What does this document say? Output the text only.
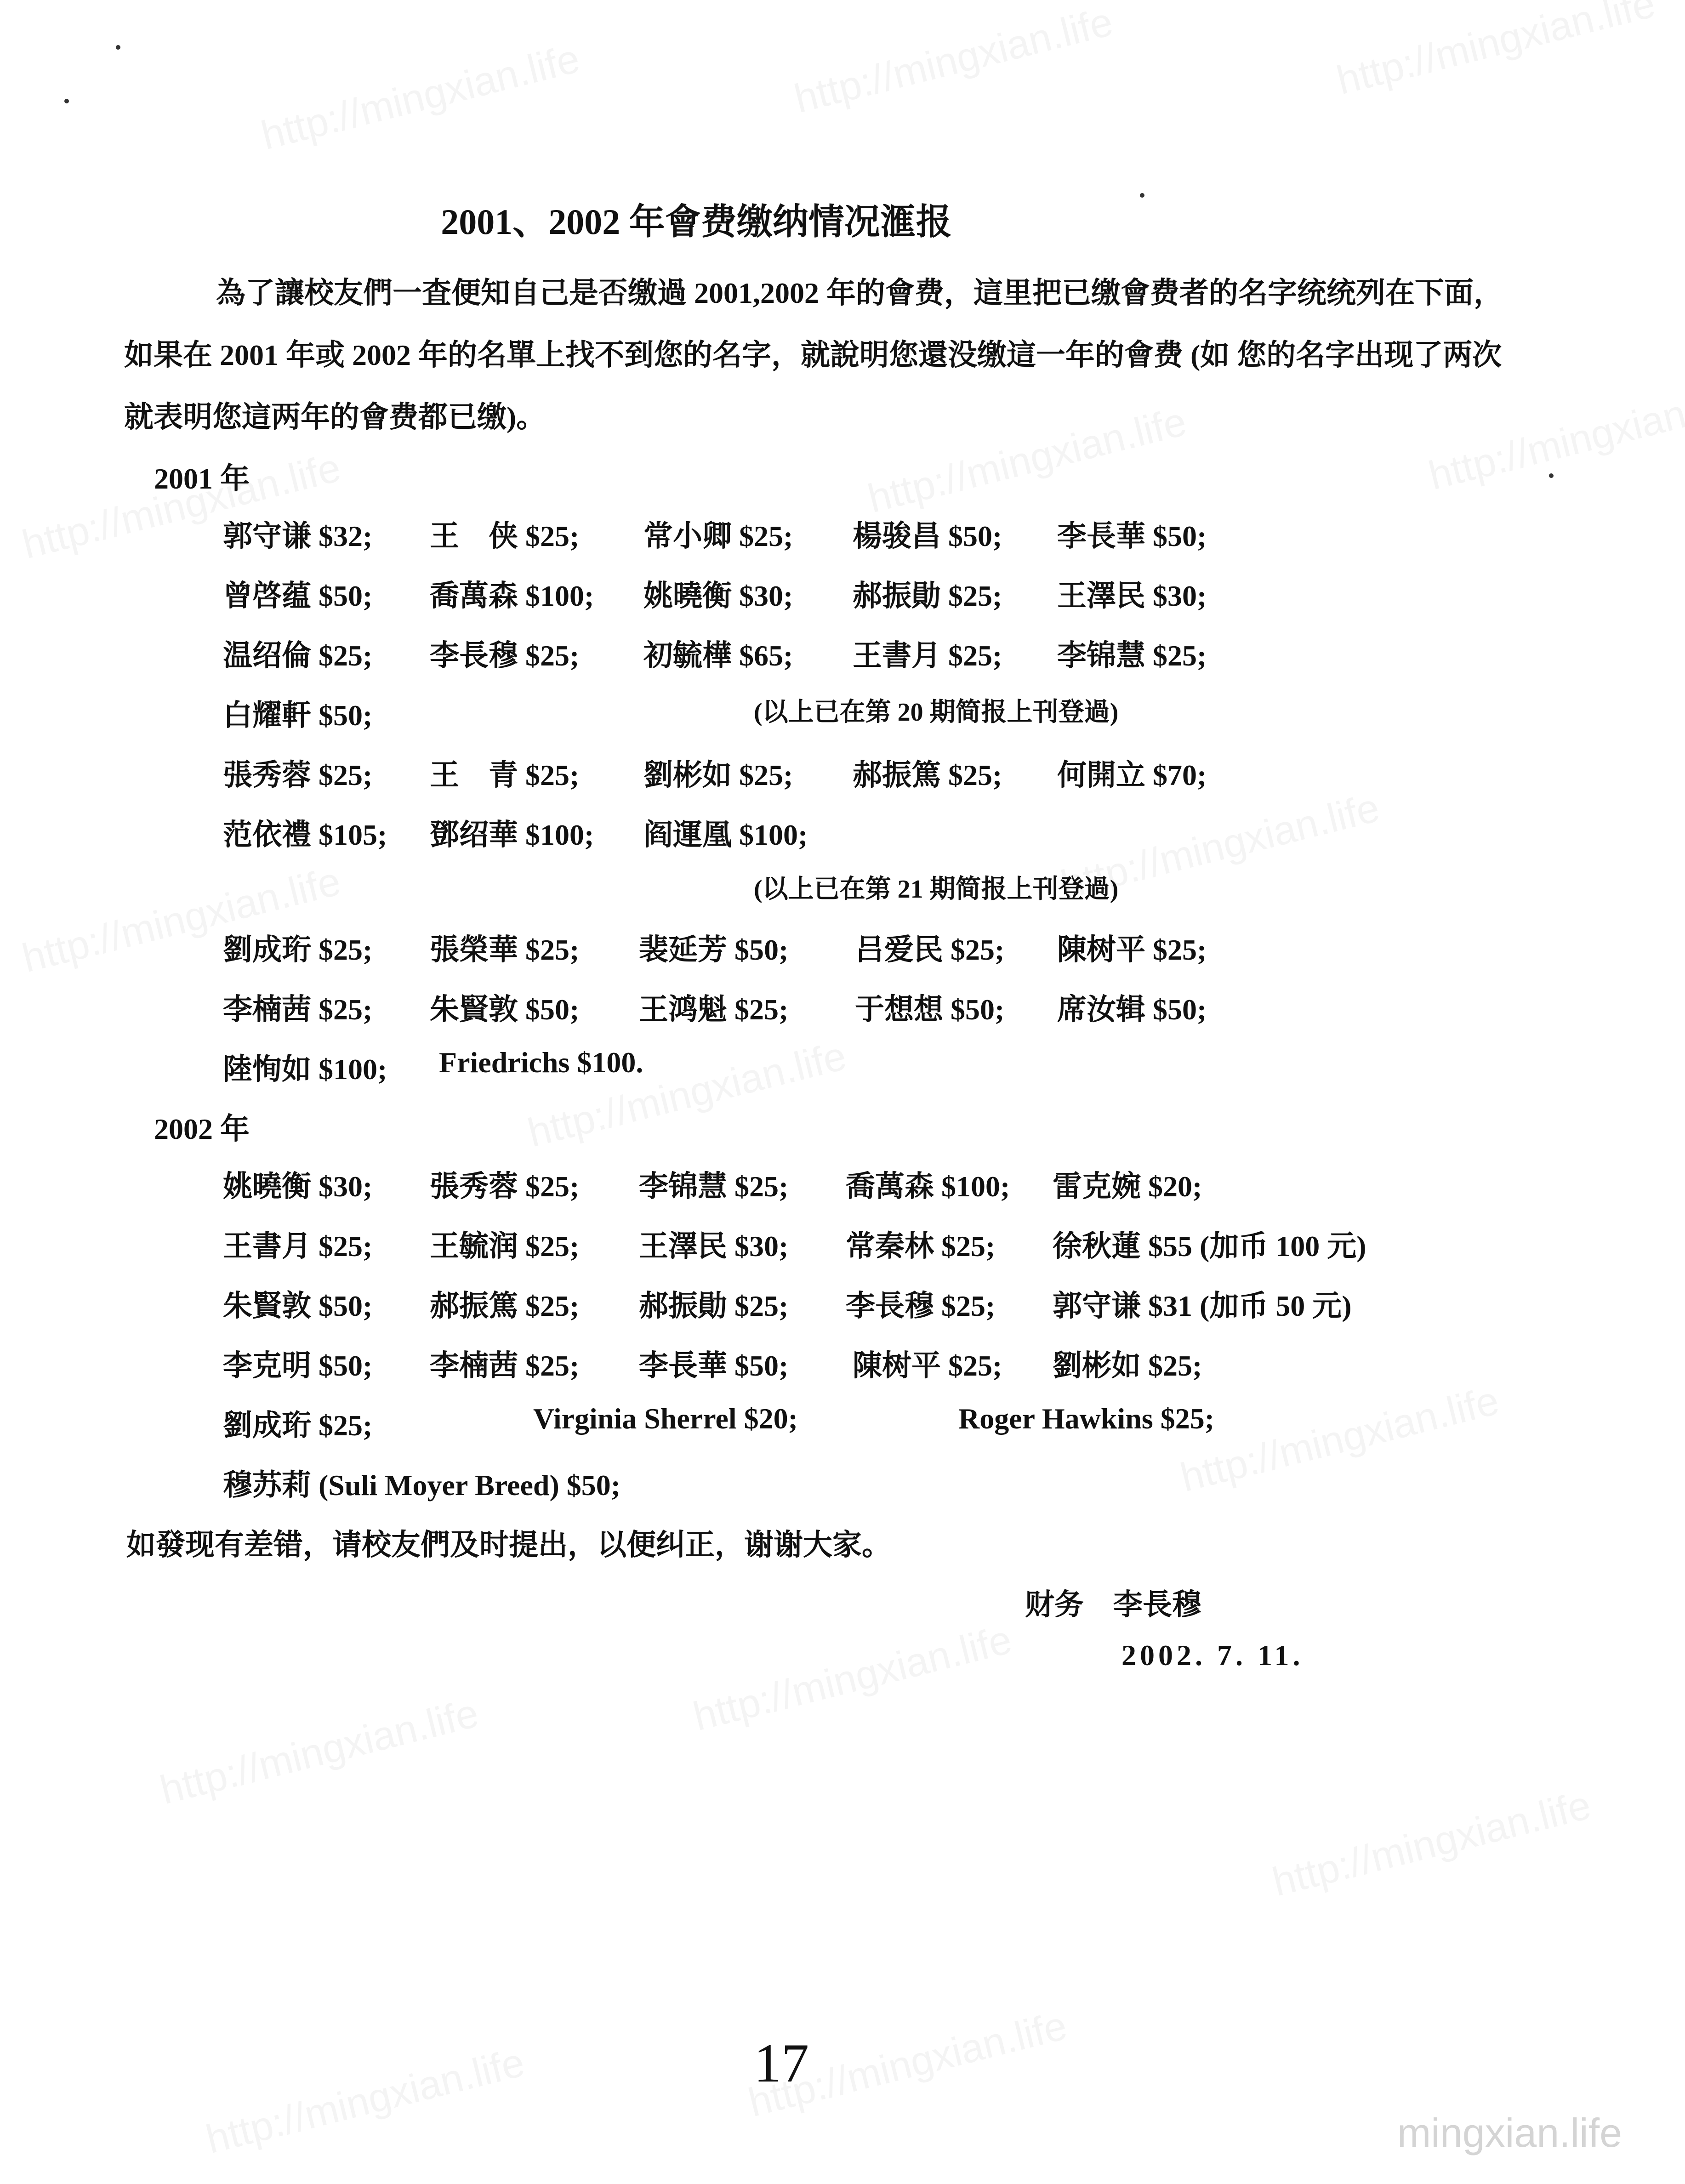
2001、2002 年會费缴纳情况滙报

為了讓校友們一査便知自己是否缴過 2001,2002 年的會费，這里把已缴會费者的名字统统列在下面，如果在 2001 年或 2002 年的名單上找不到您的名字，就說明您還没缴這一年的會费 (如 您的名字出现了两次就表明您這两年的會费都已缴)。

2001 年
郭守谦 $32; 王　侠 $25; 常小卿 $25; 楊骏昌 $50; 李長華 $50;
曾啓蕴 $50; 喬萬森 $100; 姚曉衡 $30; 郝振勛 $25; 王澤民 $30;
温绍倫 $25; 李長穆 $25; 初毓樺 $65; 王書月 $25; 李锦慧 $25;
白耀軒 $50;	(以上已在第 20 期简报上刊登過)
張秀蓉 $25; 王　青 $25; 劉彬如 $25; 郝振篤 $25; 何開立 $70;
范依禮 $105; 鄧绍華 $100; 阎運凰 $100;
(以上已在第 21 期简报上刊登過)
劉成珩 $25; 張榮華 $25; 裴延芳 $50; 吕爱民 $25; 陳树平 $25;
李楠茜 $25; 朱賢敦 $50; 王鸿魁 $25; 于想想 $50; 席汝辑 $50;
陸恂如 $100; Friedrichs $100.
2002 年
姚曉衡 $30; 張秀蓉 $25; 李锦慧 $25; 喬萬森 $100; 雷克婉 $20;
王書月 $25; 王毓润 $25; 王澤民 $30; 常秦林 $25; 徐秋蓮 $55 (加币 100 元)
朱賢敦 $50; 郝振篤 $25; 郝振勛 $25; 李長穆 $25; 郭守谦 $31 (加币 50 元)
李克明 $50; 李楠茜 $25; 李長華 $50; 陳树平 $25; 劉彬如 $25;
劉成珩 $25;	Virginia Sherrel $20;	Roger Hawkins $25;
穆苏莉 (Suli Moyer Breed) $50;
如發现有差错，请校友們及时提出，以便纠正，谢谢大家。
财务　李長穆
2002. 7. 11.
17
mingxian.life
